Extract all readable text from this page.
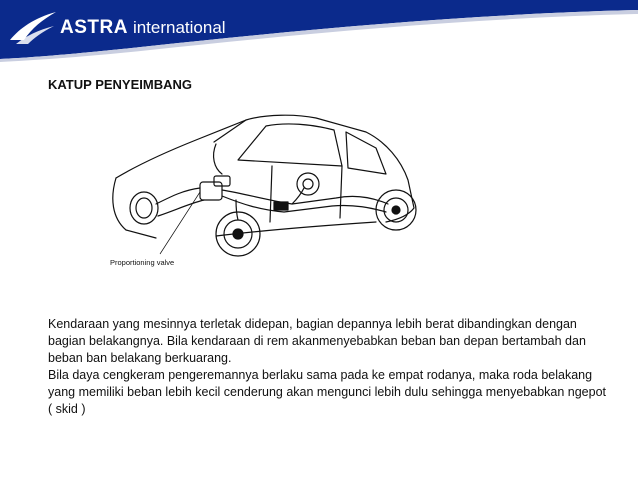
ASTRA international
KATUP PENYEIMBANG
Proportioning valve

Kendaraan yang mesinnya terletak didepan, bagian depannya lebih berat dibandingkan dengan bagian belakangnya. Bila kendaraan di rem akanmenyebabkan beban ban depan bertambah dan beban ban belakang berkuarang.

Bila daya cengkeram pengeremannya berlaku sama pada ke empat rodanya, maka roda belakang yang memiliki beban lebih kecil cenderung akan mengunci lebih dulu sehingga menyebabkan ngepot ( skid )
